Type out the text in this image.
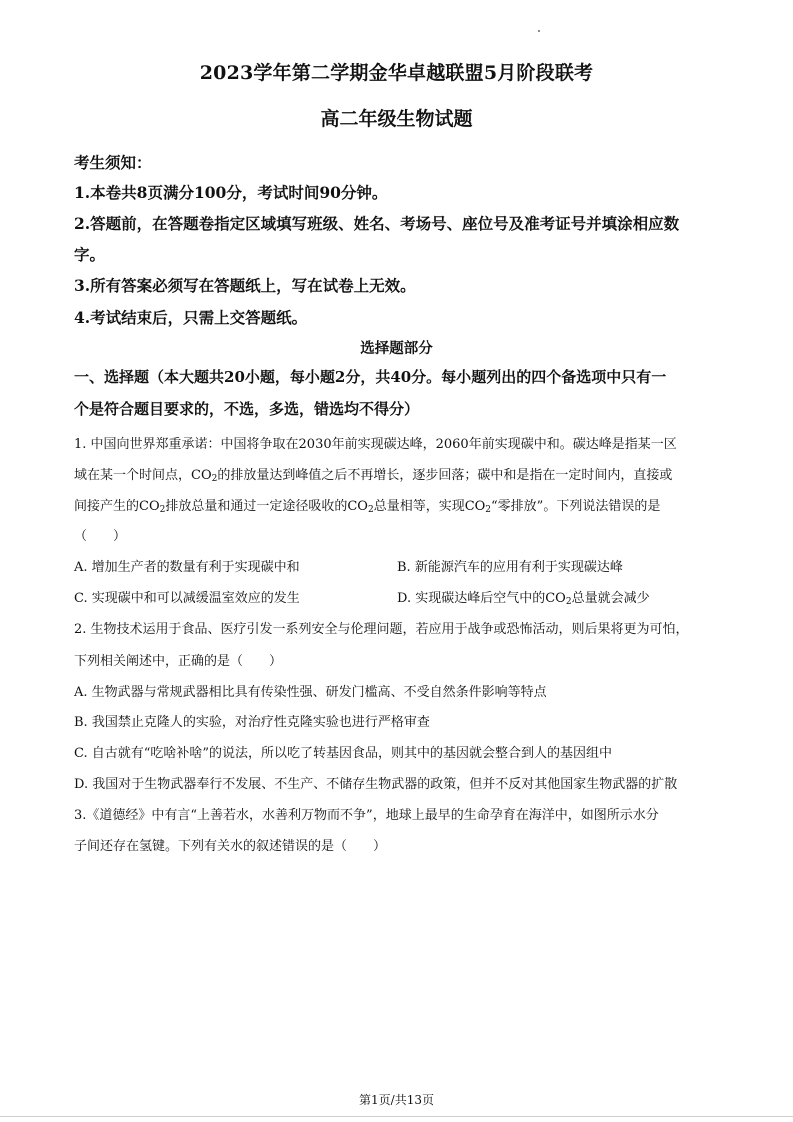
2023学年第二学期金华卓越联盟5月阶段联考
高二年级生物试题
考生须知：
1.本卷共8页满分100分，考试时间90分钟。
2.答题前，在答题卷指定区域填写班级、姓名、考场号、座位号及准考证号并填涂相应数
字。
3.所有答案必须写在答题纸上，写在试卷上无效。
4.考试结束后，只需上交答题纸。
选择题部分
一、选择题（本大题共20小题，每小题2分，共40分。每小题列出的四个备选项中只有一
个是符合题目要求的，不选，多选，错选均不得分）
1. 中国向世界郑重承诺：中国将争取在2030年前实现碳达峰，2060年前实现碳中和。碳达峰是指某一区
域在某一个时间点，$CO_2$的排放量达到峰值之后不再增长，逐步回落；碳中和是指在一定时间内，直接或
间接产生的$CO_2$排放总量和通过一定途径吸收的$CO_2$总量相等，实现$CO_2“$零排放”。下列说法错误的是
（　　）
A. 增加生产者的数量有利于实现碳中和	B. 新能源汽车的应用有利于实现碳达峰
C. 实现碳中和可以减缓温室效应的发生	D. 实现碳达峰后空气中的$CO_2$总量就会减少
2. 生物技术运用于食品、医疗引发一系列安全与伦理问题，若应用于战争或恐怖活动，则后果将更为可怕，
下列相关阐述中，正确的是（　　）
A. 生物武器与常规武器相比具有传染性强、研发门槛高、不受自然条件影响等特点
B. 我国禁止克隆人的实验，对治疗性克隆实验也进行严格审查
C. 自古就有“吃啥补啥”的说法，所以吃了转基因食品，则其中的基因就会整合到人的基因组中
D. 我国对于生物武器奉行不发展、不生产、不储存生物武器的政策，但并不反对其他国家生物武器的扩散
3.《道德经》中有言“上善若水，水善利万物而不争”，地球上最早的生命孕育在海洋中，如图所示水分
子间还存在氢键。下列有关水的叙述错误的是（　　）
第1页/共13页
